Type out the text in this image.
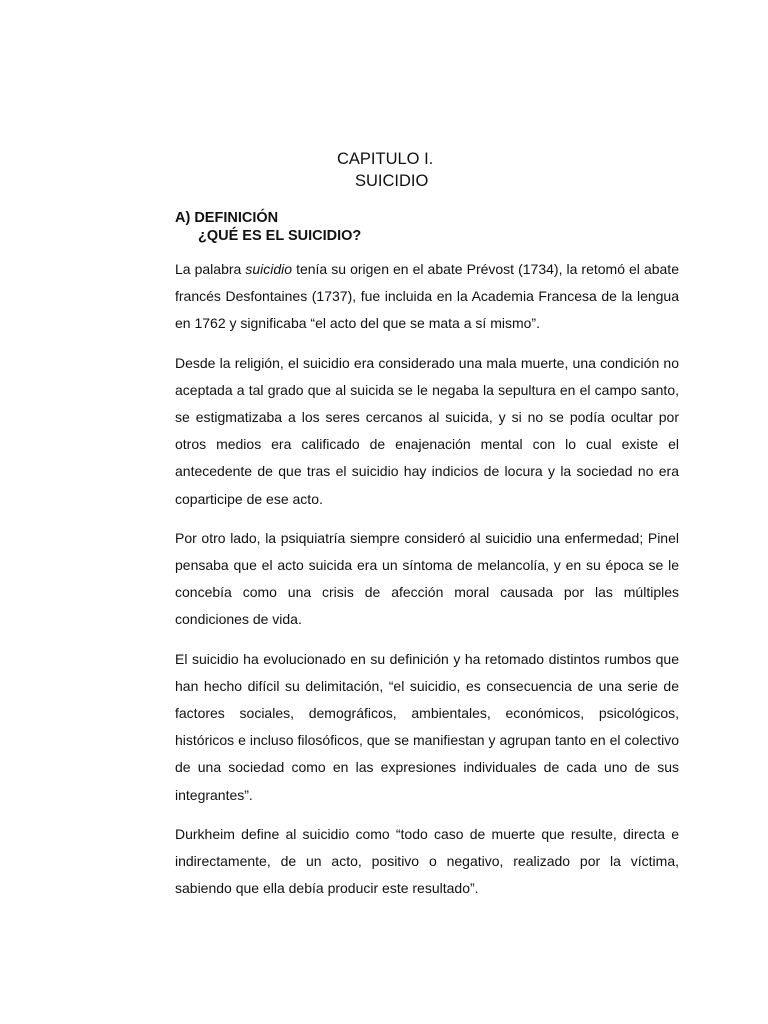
CAPITULO I.
SUICIDIO
A) DEFINICIÓN
¿QUÉ ES EL SUICIDIO?

La palabra suicidio tenía su origen en el abate Prévost (1734), la retomó el abate francés Desfontaines (1737), fue incluida en la Academia Francesa de la lengua en 1762 y significaba “el acto del que se mata a sí mismo”.

Desde la religión, el suicidio era considerado una mala muerte, una condición no aceptada a tal grado que al suicida se le negaba la sepultura en el campo santo, se estigmatizaba a los seres cercanos al suicida, y si no se podía ocultar por otros medios era calificado de enajenación mental con lo cual existe el antecedente de que tras el suicidio hay indicios de locura y la sociedad no era coparticipe de ese acto.

Por otro lado, la psiquiatría siempre consideró al suicidio una enfermedad; Pinel pensaba que el acto suicida era un síntoma de melancolía, y en su época se le concebía como una crisis de afección moral causada por las múltiples condiciones de vida.

El suicidio ha evolucionado en su definición y ha retomado distintos rumbos que han hecho difícil su delimitación, “el suicidio, es consecuencia de una serie de factores sociales, demográficos, ambientales, económicos, psicológicos, históricos e incluso filosóficos, que se manifiestan y agrupan tanto en el colectivo de una sociedad como en las expresiones individuales de cada uno de sus integrantes”.

Durkheim define al suicidio como “todo caso de muerte que resulte, directa e indirectamente, de un acto, positivo o negativo, realizado por la víctima, sabiendo que ella debía producir este resultado”.
